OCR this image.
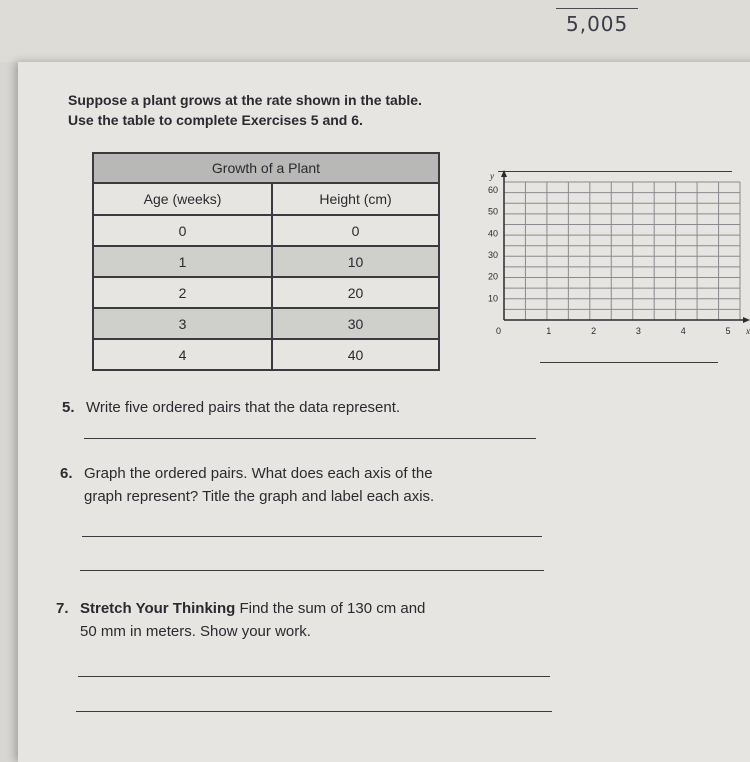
5,005
Suppose a plant grows at the rate shown in the table.
Use the table to complete Exercises 5 and 6.
Growth of a Plant	
Age (weeks)	Height (cm)
0	0
1	10
2	20
3	30
4	40
10
20
30
40
50
60
1	2	3	4	5
0
y
x
5. Write five ordered pairs that the data represent.
6. Graph the ordered pairs. What does each axis of the
graph represent? Title the graph and label each axis.
7. Stretch Your Thinking Find the sum of 130 cm and
50 mm in meters. Show your work.
